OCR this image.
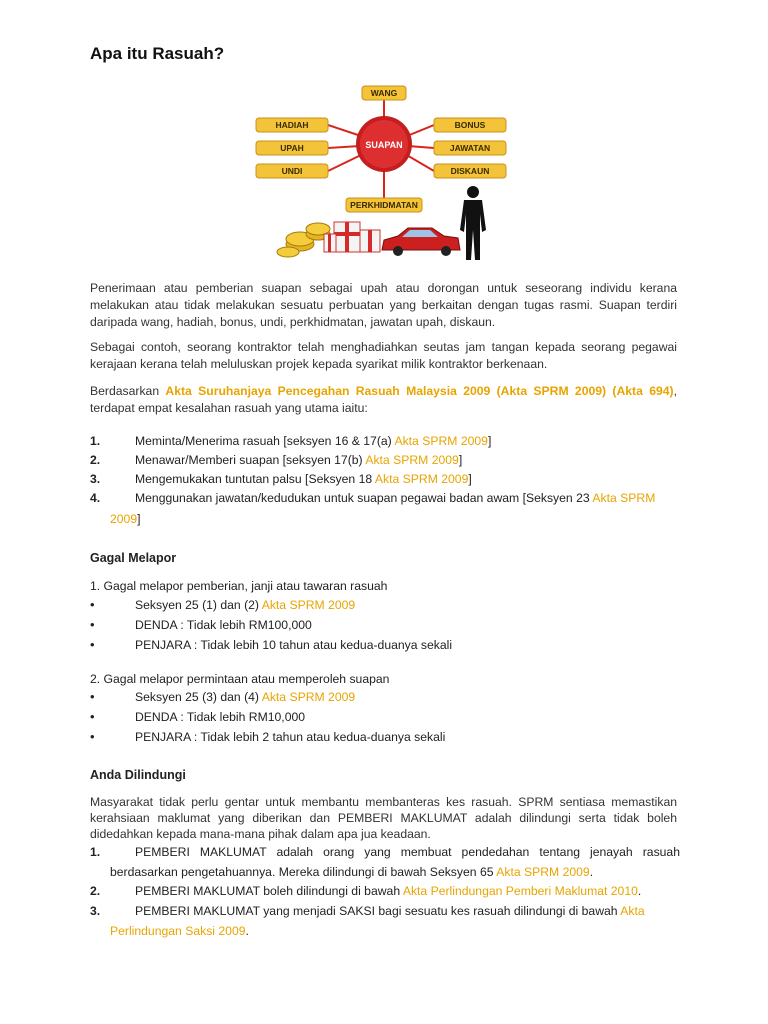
Apa itu Rasuah?
SUAPAN
WANG
HADIAH
UPAH
UNDI
BONUS
JAWATAN
DISKAUN
PERKHIDMATAN
Penerimaan atau pemberian suapan sebagai upah atau dorongan untuk seseorang individu kerana melakukan atau tidak melakukan sesuatu perbuatan yang berkaitan dengan tugas rasmi. Suapan terdiri daripada wang, hadiah, bonus, undi, perkhidmatan, jawatan upah, diskaun.
Sebagai contoh, seorang kontraktor telah menghadiahkan seutas jam tangan kepada seorang pegawai kerajaan kerana telah meluluskan projek kepada syarikat milik kontraktor berkenaan.
Berdasarkan Akta Suruhanjaya Pencegahan Rasuah Malaysia 2009 (Akta SPRM 2009) (Akta 694), terdapat empat kesalahan rasuah yang utama iaitu:
1.	Meminta/Menerima rasuah [seksyen 16 & 17(a) Akta SPRM 2009]
2.	Menawar/Memberi suapan [seksyen 17(b) Akta SPRM 2009]
3.	Mengemukakan tuntutan palsu [Seksyen 18 Akta SPRM 2009]
4.	Menggunakan jawatan/kedudukan untuk suapan pegawai badan awam [Seksyen 23 Akta SPRM
2009]
Gagal Melapor
1. Gagal melapor pemberian, janji atau tawaran rasuah
•	Seksyen 25 (1) dan (2) Akta SPRM 2009
•	DENDA : Tidak lebih RM100,000
•	PENJARA : Tidak lebih 10 tahun atau kedua-duanya sekali
2. Gagal melapor permintaan atau memperoleh suapan
•	Seksyen 25 (3) dan (4) Akta SPRM 2009
•	DENDA : Tidak lebih RM10,000
•	PENJARA : Tidak lebih 2 tahun atau kedua-duanya sekali
Anda Dilindungi
Masyarakat tidak perlu gentar untuk membantu membanteras kes rasuah. SPRM sentiasa memastikan kerahsiaan maklumat yang diberikan dan PEMBERI MAKLUMAT adalah dilindungi serta tidak boleh didedahkan kepada mana-mana pihak dalam apa jua keadaan.
1.	PEMBERI MAKLUMAT adalah orang yang membuat pendedahan tentang jenayah rasuah
berdasarkan pengetahuannya. Mereka dilindungi di bawah Seksyen 65 Akta SPRM 2009.
2.	PEMBERI MAKLUMAT boleh dilindungi di bawah Akta Perlindungan Pemberi Maklumat 2010.
3.	PEMBERI MAKLUMAT yang menjadi SAKSI bagi sesuatu kes rasuah dilindungi di bawah Akta
Perlindungan Saksi 2009.
